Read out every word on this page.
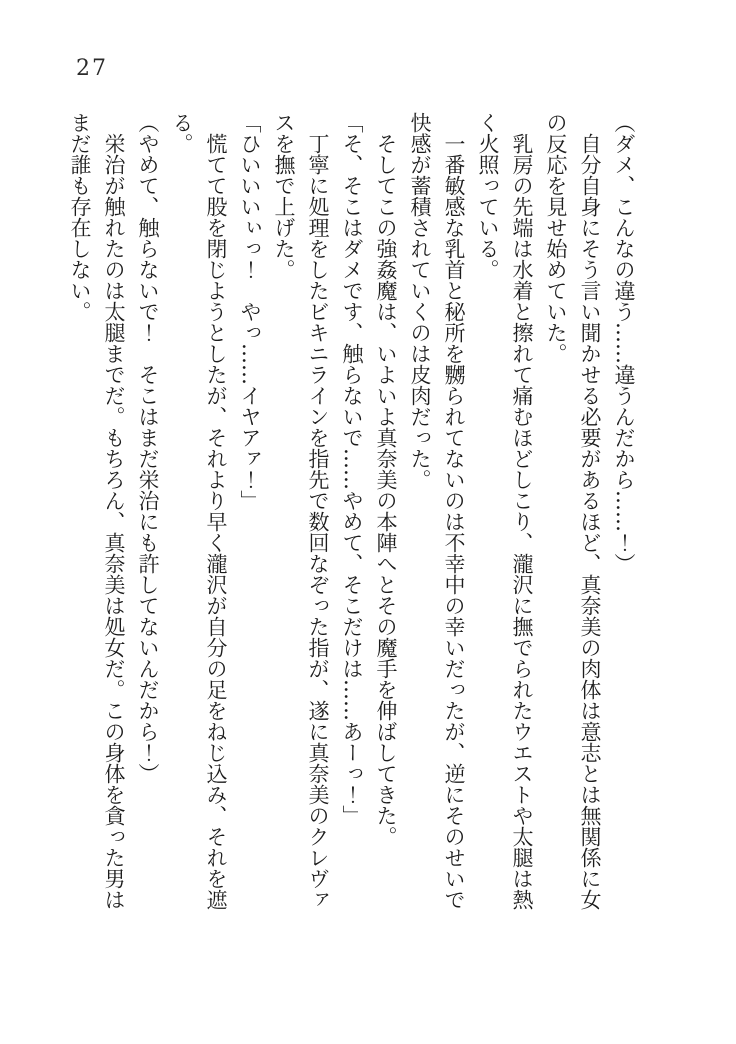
27

（ダメ、こんなの違う……違うんだから……！）

自分自身にそう言い聞かせる必要があるほど、真奈美の肉体は意志とは無関係に女の反応を見せ始めていた。

乳房の先端は水着と擦れて痛むほどしこり、瀧沢に撫でられたウエストや太腿は熱く火照っている。

一番敏感な乳首と秘所を嬲られてないのは不幸中の幸いだったが、逆にそのせいで快感が蓄積されていくのは皮肉だった。

そしてこの強姦魔は、いよいよ真奈美の本陣へとその魔手を伸ばしてきた。

「そ、そこはダメです、触らないで……やめて、そこだけは……あーっ！」

丁寧に処理をしたビキニラインを指先で数回なぞった指が、遂に真奈美のクレヴァスを撫で上げた。

「ひいいいぃっ！　やっ……イヤアァ！」

慌てて股を閉じようとしたが、それより早く瀧沢が自分の足をねじ込み、それを遮る。

（やめて、触らないで！　そこはまだ栄治にも許してないんだから！）

栄治が触れたのは太腿までだ。もちろん、真奈美は処女だ。この身体を貪った男はまだ誰も存在しない。
